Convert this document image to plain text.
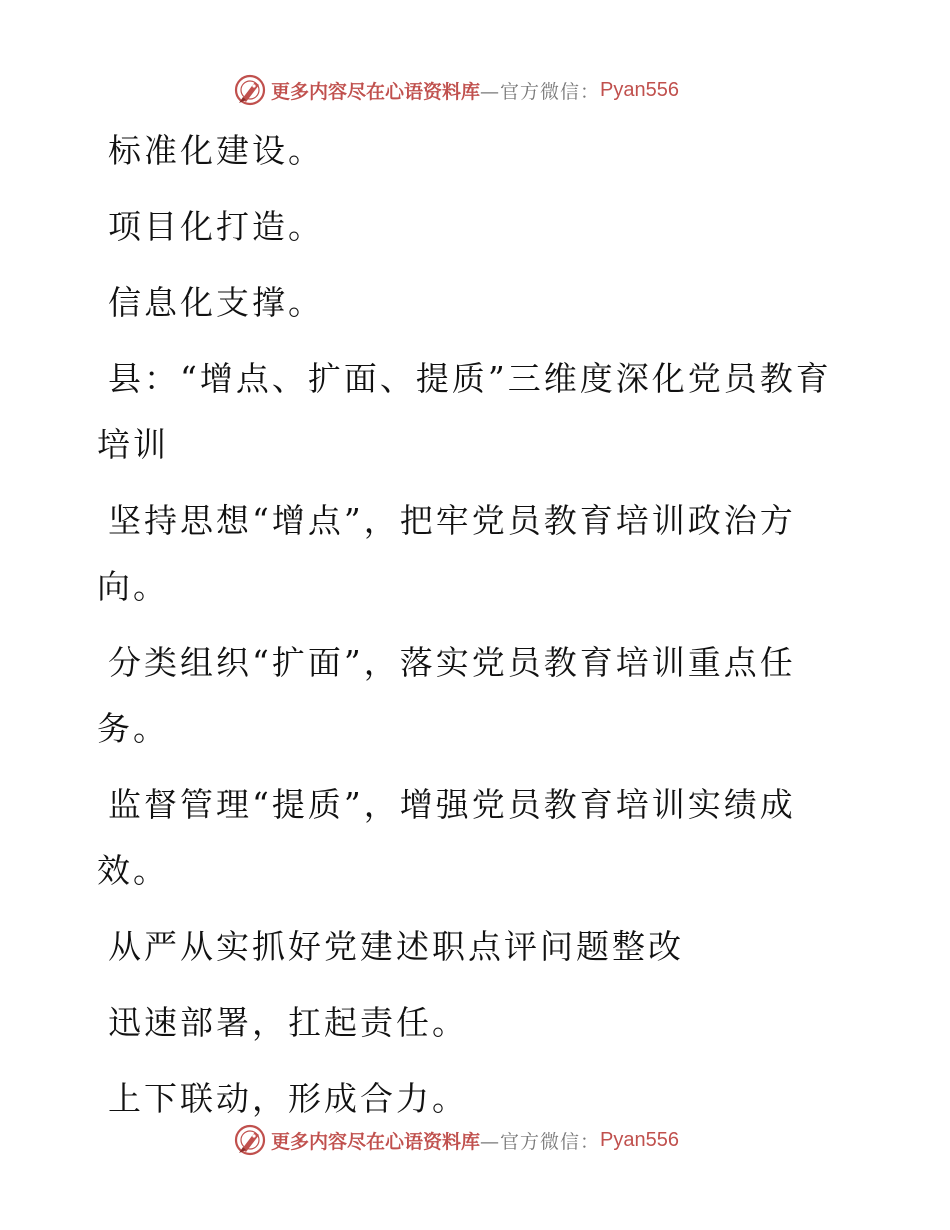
更多内容尽在心语资料库 —官方微信： Pyan556

标准化建设。

项目化打造。

信息化支撑。

县：“增点、扩面、提质”三维度深化党员教育培训

坚持思想“增点”，把牢党员教育培训政治方向。

分类组织“扩面”，落实党员教育培训重点任务。

监督管理“提质”，增强党员教育培训实绩成效。

从严从实抓好党建述职点评问题整改

迅速部署，扛起责任。

上下联动，形成合力。

更多内容尽在心语资料库 —官方微信： Pyan556
